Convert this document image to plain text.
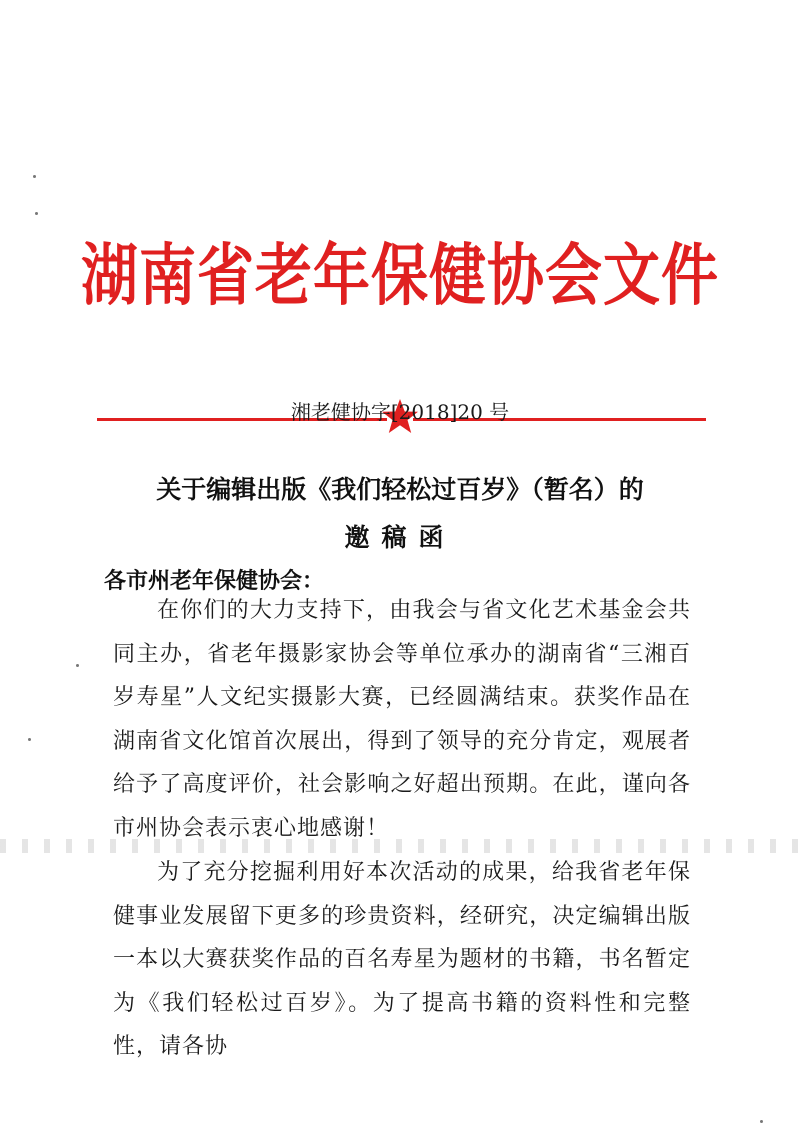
湖南省老年保健协会文件
湘老健协字[2018]20 号
关于编辑出版《我们轻松过百岁》（暂名）的
邀稿函
各市州老年保健协会：
在你们的大力支持下，由我会与省文化艺术基金会共同主办，省老年摄影家协会等单位承办的湖南省“三湘百岁寿星”人文纪实摄影大赛，已经圆满结束。获奖作品在湖南省文化馆首次展出，得到了领导的充分肯定，观展者给予了高度评价，社会影响之好超出预期。在此，谨向各市州协会表示衷心地感谢！
为了充分挖掘利用好本次活动的成果，给我省老年保健事业发展留下更多的珍贵资料，经研究，决定编辑出版一本以大赛获奖作品的百名寿星为题材的书籍，书名暂定为《我们轻松过百岁》。为了提高书籍的资料性和完整性，请各协
